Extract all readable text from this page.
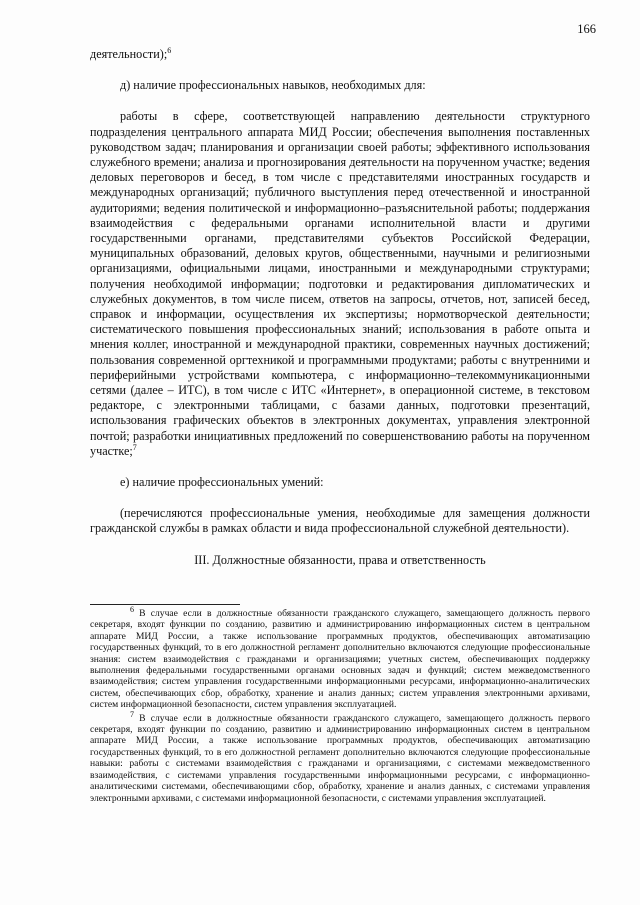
166

деятельности);$^6$

д) наличие профессиональных навыков, необходимых для:

работы в сфере, соответствующей направлению деятельности структурного подразделения центрального аппарата МИД России; обеспечения выполнения поставленных руководством задач; планирования и организации своей работы; эффективного использования служебного времени; анализа и прогнозирования деятельности на порученном участке; ведения деловых переговоров и бесед, в том числе с представителями иностранных государств и международных организаций; публичного выступления перед отечественной и иностранной аудиториями; ведения политической и информационно–разъяснительной работы; поддержания взаимодействия с федеральными органами исполнительной власти и другими государственными органами, представителями субъектов Российской Федерации, муниципальных образований, деловых кругов, общественными, научными и религиозными организациями, официальными лицами, иностранными и международными структурами; получения необходимой информации; подготовки и редактирования дипломатических и служебных документов, в том числе писем, ответов на запросы, отчетов, нот, записей бесед, справок и информации, осуществления их экспертизы; нормотворческой деятельности; систематического повышения профессиональных знаний; использования в работе опыта и мнения коллег, иностранной и международной практики, современных научных достижений; пользования современной оргтехникой и программными продуктами; работы с внутренними и периферийными устройствами компьютера, с информационно–телекоммуникационными сетями (далее – ИТС), в том числе с ИТС «Интернет», в операционной системе, в текстовом редакторе, с электронными таблицами, с базами данных, подготовки презентаций, использования графических объектов в электронных документах, управления электронной почтой; разработки инициативных предложений по совершенствованию работы на порученном участке;$^7$

е) наличие профессиональных умений:

(перечисляются профессиональные умения, необходимые для замещения должности гражданской службы в рамках области и вида профессиональной служебной деятельности).

III. Должностные обязанности, права и ответственность

$^6$ В случае если в должностные обязанности гражданского служащего, замещающего должность первого секретаря, входят функции по созданию, развитию и администрированию информационных систем в центральном аппарате МИД России, а также использование программных продуктов, обеспечивающих автоматизацию государственных функций, то в его должностной регламент дополнительно включаются следующие профессиональные знания: систем взаимодействия с гражданами и организациями; учетных систем, обеспечивающих поддержку выполнения федеральными государственными органами основных задач и функций; систем межведомственного взаимодействия; систем управления государственными информационными ресурсами, информационно-аналитических систем, обеспечивающих сбор, обработку, хранение и анализ данных; систем управления электронными архивами, систем информационной безопасности, систем управления эксплуатацией.

$^7$ В случае если в должностные обязанности гражданского служащего, замещающего должность первого секретаря, входят функции по созданию, развитию и администрированию информационных систем в центральном аппарате МИД России, а также использование программных продуктов, обеспечивающих автоматизацию государственных функций, то в его должностной регламент дополнительно включаются следующие профессиональные навыки: работы с системами взаимодействия с гражданами и организациями, с системами межведомственного взаимодействия, с системами управления государственными информационными ресурсами, с информационно-аналитическими системами, обеспечивающими сбор, обработку, хранение и анализ данных, с системами управления электронными архивами, с системами информационной безопасности, с системами управления эксплуатацией.
